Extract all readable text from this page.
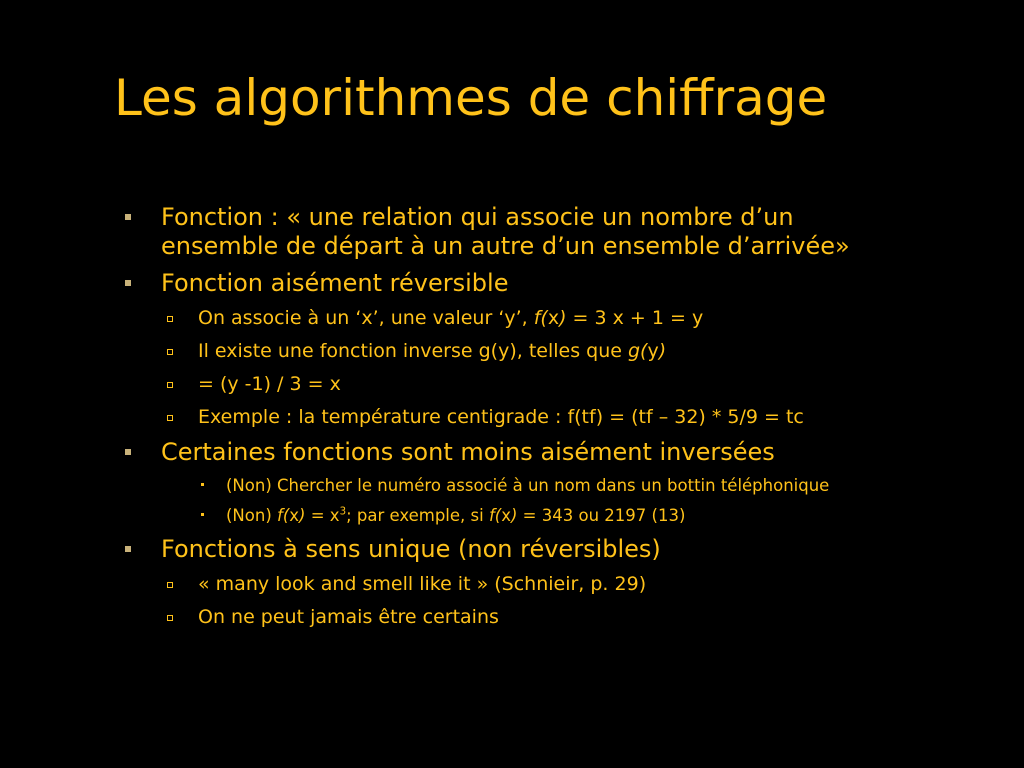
Les algorithmes de chiffrage
Fonction : « une relation qui associe un nombre d’un
ensemble de départ à un autre d’un ensemble d’arrivée»
Fonction aisément réversible
On associe à un ‘x’, une valeur ‘y’, f(x) = 3 x + 1 = y
Il existe une fonction inverse g(y), telles que g(y)
= (y -1) / 3 = x
Exemple : la température centigrade : f(tf) = (tf – 32) * 5/9 = tc
Certaines fonctions sont moins aisément inversées
(Non) Chercher le numéro associé à un nom dans un bottin téléphonique
(Non) $f(x) = x^3$; par exemple, si f(x) = 343 ou 2197 (13)
Fonctions à sens unique (non réversibles)
« many look and smell like it » (Schnieir, p. 29)
On ne peut jamais être certains
